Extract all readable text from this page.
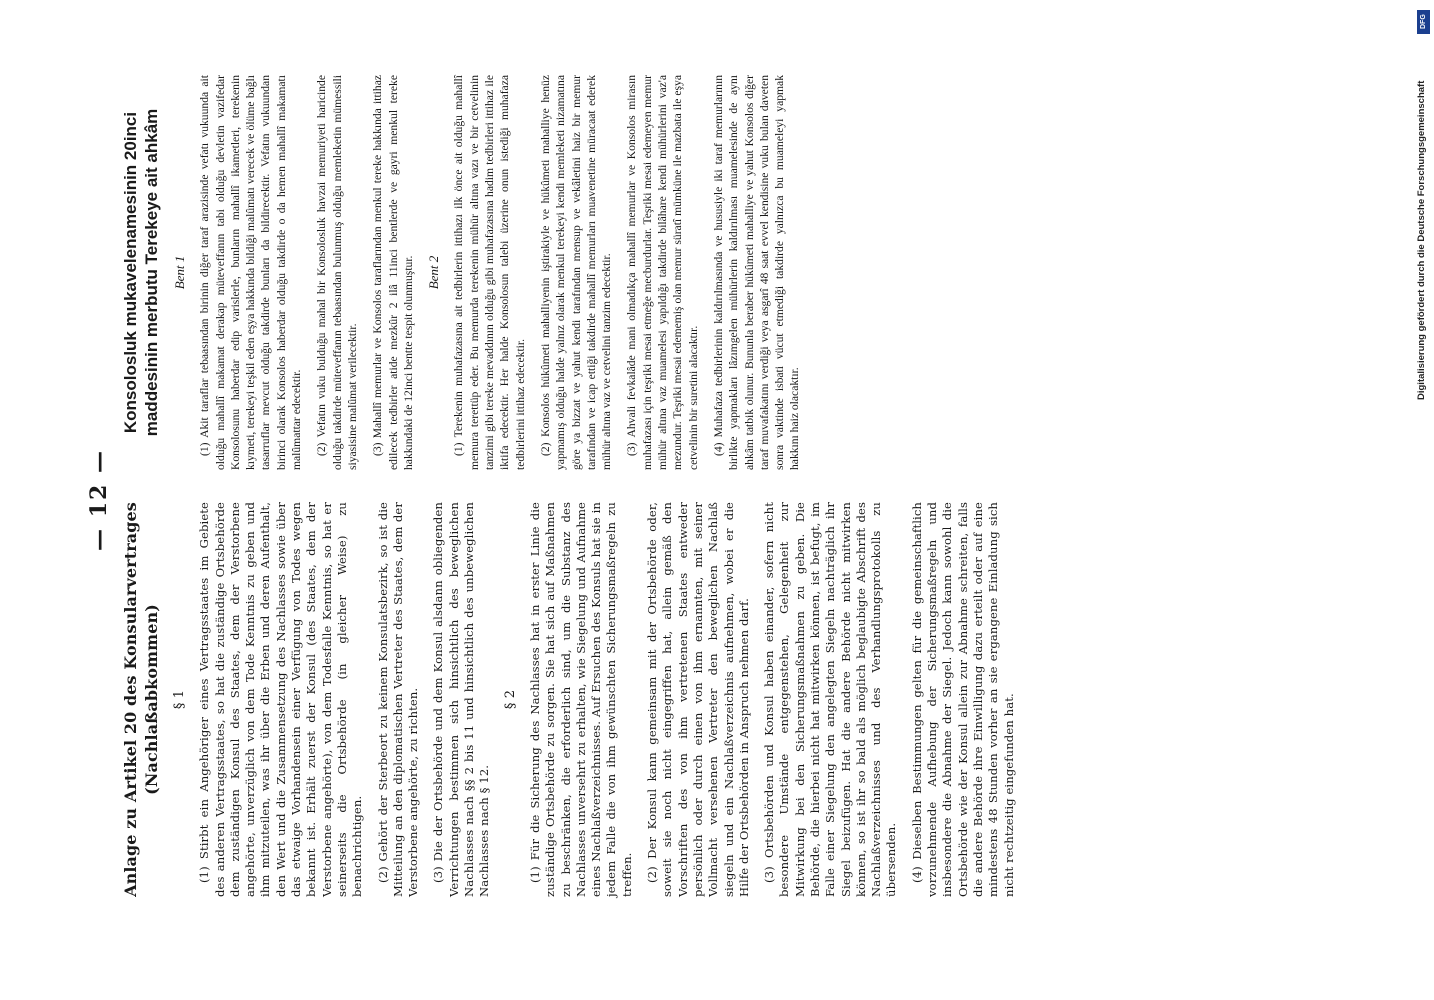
— 12 —

Anlage zu Artikel 20 des Konsularvertrages (Nachlaßabkommen) § 1 (1) Stirbt ein Angehöriger eines Vertragsstaates im Gebiete des anderen Vertragsstaates, so hat die zuständige Ortsbehörde dem zuständigen Konsul des Staates, dem der Verstorbene angehörte, unverzüglich von dem Tode Kenntnis zu geben und ihm mitzuteilen, was ihr über die Erben und deren Aufenthalt, den Wert und die Zusammensetzung des Nachlasses sowie über das etwaige Vorhandensein einer Verfügung von Todes wegen bekannt ist. Erhält zuerst der Konsul (des Staates, dem der Verstorbene angehörte), von dem Todesfalle Kenntnis, so hat er seinerseits die Ortsbehörde (in gleicher Weise) zu benachrichtigen. (2) Gehört der Sterbeort zu keinem Konsulatsbezirk, so ist die Mitteilung an den diplomatischen Vertreter des Staates, dem der Verstorbene angehörte, zu richten. (3) Die der Ortsbehörde und dem Konsul alsdann obliegenden Verrichtungen bestimmen sich hinsichtlich des beweglichen Nachlasses nach §§ 2 bis 11 und hinsichtlich des unbeweglichen Nachlasses nach § 12.

§ 2 (1) Für die Sicherung des Nachlasses hat in erster Linie die zuständige Ortsbehörde zu sorgen. Sie hat sich auf Maßnahmen zu beschränken, die erforderlich sind, um die Substanz des Nachlasses unversehrt zu erhalten, wie Siegelung und Aufnahme eines Nachlaßverzeichnisses. Auf Ersuchen des Konsuls hat sie in jedem Falle die von ihm gewünschten Sicherungsmaßregeln zu treffen. (2) Der Konsul kann gemeinsam mit der Ortsbehörde oder, soweit sie noch nicht eingegriffen hat, allein gemäß den Vorschriften des von ihm vertretenen Staates entweder persönlich oder durch einen von ihm ernannten, mit seiner Vollmacht versehenen Vertreter den beweglichen Nachlaß siegeln und ein Nachlaßverzeichnis aufnehmen, wobei er die Hilfe der Ortsbehörden in Anspruch nehmen darf. (3) Ortsbehörden und Konsul haben einander, sofern nicht besondere Umstände entgegenstehen, Gelegenheit zur Mitwirkung bei den Sicherungsmaßnahmen zu geben. Die Behörde, die hierbei nicht hat mitwirken können, ist befugt, im Falle einer Siegelung den angelegten Siegeln nachträglich ihr Siegel beizufügen. Hat die andere Behörde nicht mitwirken können, so ist ihr so bald als möglich beglaubigte Abschrift des Nachlaßverzeichnisses und des Verhandlungsprotokolls zu übersenden. (4) Dieselben Bestimmungen gelten für die gemeinschaftlich vorzunehmende Aufhebung der Sicherungsmaßregeln und insbesondere die Abnahme der Siegel. Jedoch kann sowohl die Ortsbehörde wie der Konsul allein zur Abnahme schreiten, falls die andere Behörde ihre Einwilligung dazu erteilt oder auf eine mindestens 48 Stunden vorher an sie ergangene Einladung sich nicht rechtzeitig eingefunden hat.

Konsolosluk mukavelenamesinin 20inci maddesinin merbutu Terekeye ait ahkâm Bent 1 (1) Akit taraflar tebaasından birinin diğer taraf arazisinde vefatı vukuunda ait olduğu mahallî makamat derakap müteveffanın tabi olduğu devletin vazifedar Konsolosunu haberdar edip varislerle, bunların mahallî ikametleri, terekenin kıymeti, terekeyi teşkil eden eşya hakkında bildiği malûmatı verecek ve ölüme bağlı tasarruflar mevcut olduğu takdirde bunları da bildirecektir. Vefatın vukuundan birinci olarak Konsolos haberdar olduğu takdirde o da hemen mahallî makamatı malûmattar edecektir. (2) Vefatın vuku bulduğu mahal bir Konsolosluk havzai memuriyeti haricinde olduğu takdirde müteveffanın tebaasından bulunmuş olduğu memleketin mümessili siyasisine malûmat verilecektir. (3) Mahallî memurlar ve Konsolos taraflarından menkul tereke hakkında ittihaz edilecek tedbirler atide mezkûr 2 ilâ 11inci bentlerde ve gayri menkul tereke hakkındaki de 12inci bentte tespit olunmuştur. Bent 2 (1) Terekenin muhafazasına ait tedbirlerin ittihazı ilk önce ait olduğu mahallî memura terettüp eder. Bu memurda terekenin mühür altına vazı ve bir cetvelinin tanzimi gibi tereke mevaddının olduğu gibi muhafazasına hadim tedbirleri ittihaz ile iktifa edecektir. Her halde Konsolosun talebi üzerine onun istediği muhafaza tedbirlerini ittihaz edecektir. (2) Konsolos hükûmeti mahalliyenin iştirakiyle ve hükûmeti mahalliye henüz yapmamış olduğu halde yalnız olarak menkul terekeyi kendi memleketi nizamatına göre ya bizzat ve yahut kendi tarafından mensup ve vekâletini haiz bir memur tarafından ve icap ettiği takdirde mahallî memurları muavenetine müracaat ederek mühür altına vaz ve cetvelini tanzim edecektir. (3) Ahvali fevkalâde mani olmadıkça mahallî memurlar ve Konsolos mirasın muhafazası için teşriki mesai etmeğe mecburdurlar. Teşriki mesai edemeyen memur mühür altına vaz muamelesi yapıldığı takdirde bilâhare kendi mühürlerini vaz'a mezundur. Teşriki mesai edememiş olan memur süratî mümküne ile mazbata ile eşya cetvelinin bir suretini alacaktır. (4) Muhafaza tedbirlerinin kaldırılmasında ve hususiyle iki taraf memurlarının birlikte yapmakları lâzımgelen mühürlerin kaldırılması muamelesinde de aynı ahkâm tatbik olunur. Bununla beraber hükûmeti mahalliye ve yahut Konsolos diğer taraf muvafakatını verdiği veya asgarî 48 saat evvel kendisine vuku bulan daveten sonra vaktinde isbati vücut etmediği takdirde yalnızca bu muameleyi yapmak hakkını haiz olacaktır.

Digitalisierung gefördert durch die Deutsche Forschungsgemeinschaft
DFG
